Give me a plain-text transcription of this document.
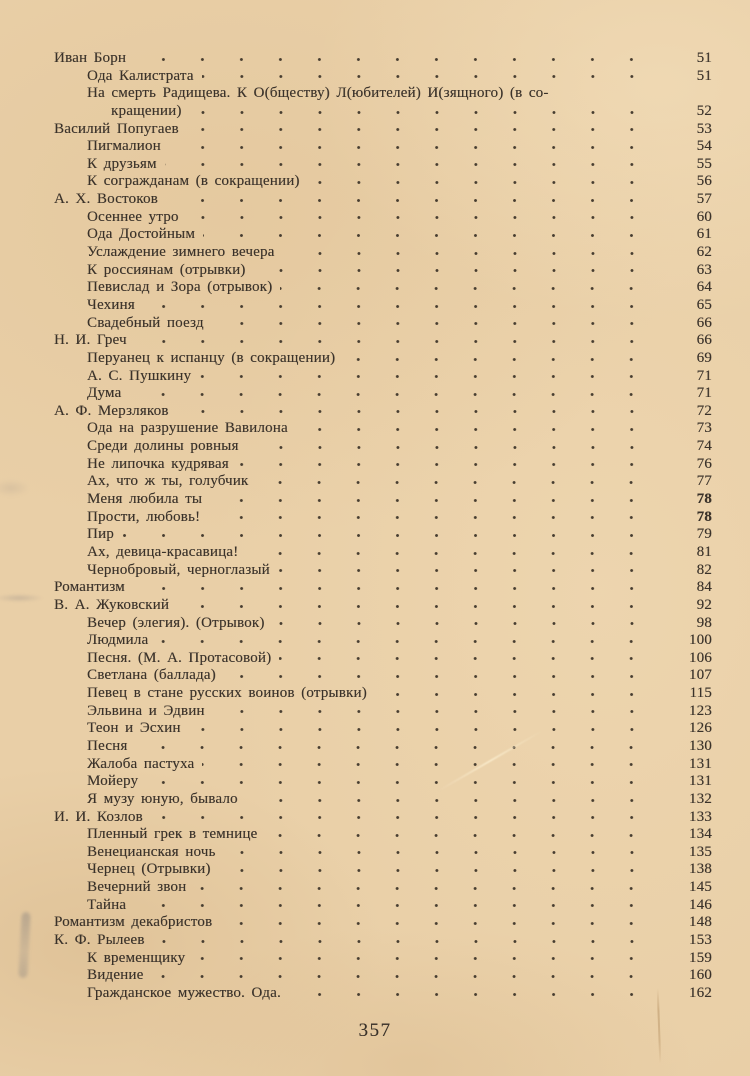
Иван Борн	51
Ода Калистрата	51
На смерть Радищева. К О(бществу) Л(юбителей) И(зящного) (в со-
кращении)	52
Василий Попугаев	53
Пигмалион	54
К друзьям	55
К согражданам (в сокращении)	56
А. Х. Востоков	57
Осеннее утро	60
Ода Достойным	61
Услаждение зимнего вечера	62
К россиянам (отрывки)	63
Певислад и Зора (отрывок)	64
Чехиня	65
Свадебный поезд	66
Н. И. Греч	66
Перуанец к испанцу (в сокращении)	69
А. С. Пушкину	71
Дума	71
А. Ф. Мерзляков	72
Ода на разрушение Вавилона	73
Среди долины ровныя	74
Не липочка кудрявая	76
Ах, что ж ты, голубчик	77
Меня любила ты	78
Прости, любовь!	78
Пир	79
Ах, девица-красавица!	81
Чернобровый, черноглазый	82
Романтизм	84
В. А. Жуковский	92
Вечер (элегия). (Отрывок)	98
Людмила	100
Песня. (М. А. Протасовой)	106
Светлана (баллада)	107
Певец в стане русских воинов (отрывки)	115
Эльвина и Эдвин	123
Теон и Эсхин	126
Песня	130
Жалоба пастуха	131
Мойеру	131
Я музу юную, бывало	132
И. И. Козлов	133
Пленный грек в темнице	134
Венецианская ночь	135
Чернец (Отрывки)	138
Вечерний звон	145
Тайна	146
Романтизм декабристов	148
К. Ф. Рылеев	153
К временщику	159
Видение	160
Гражданское мужество. Ода.	162
357
